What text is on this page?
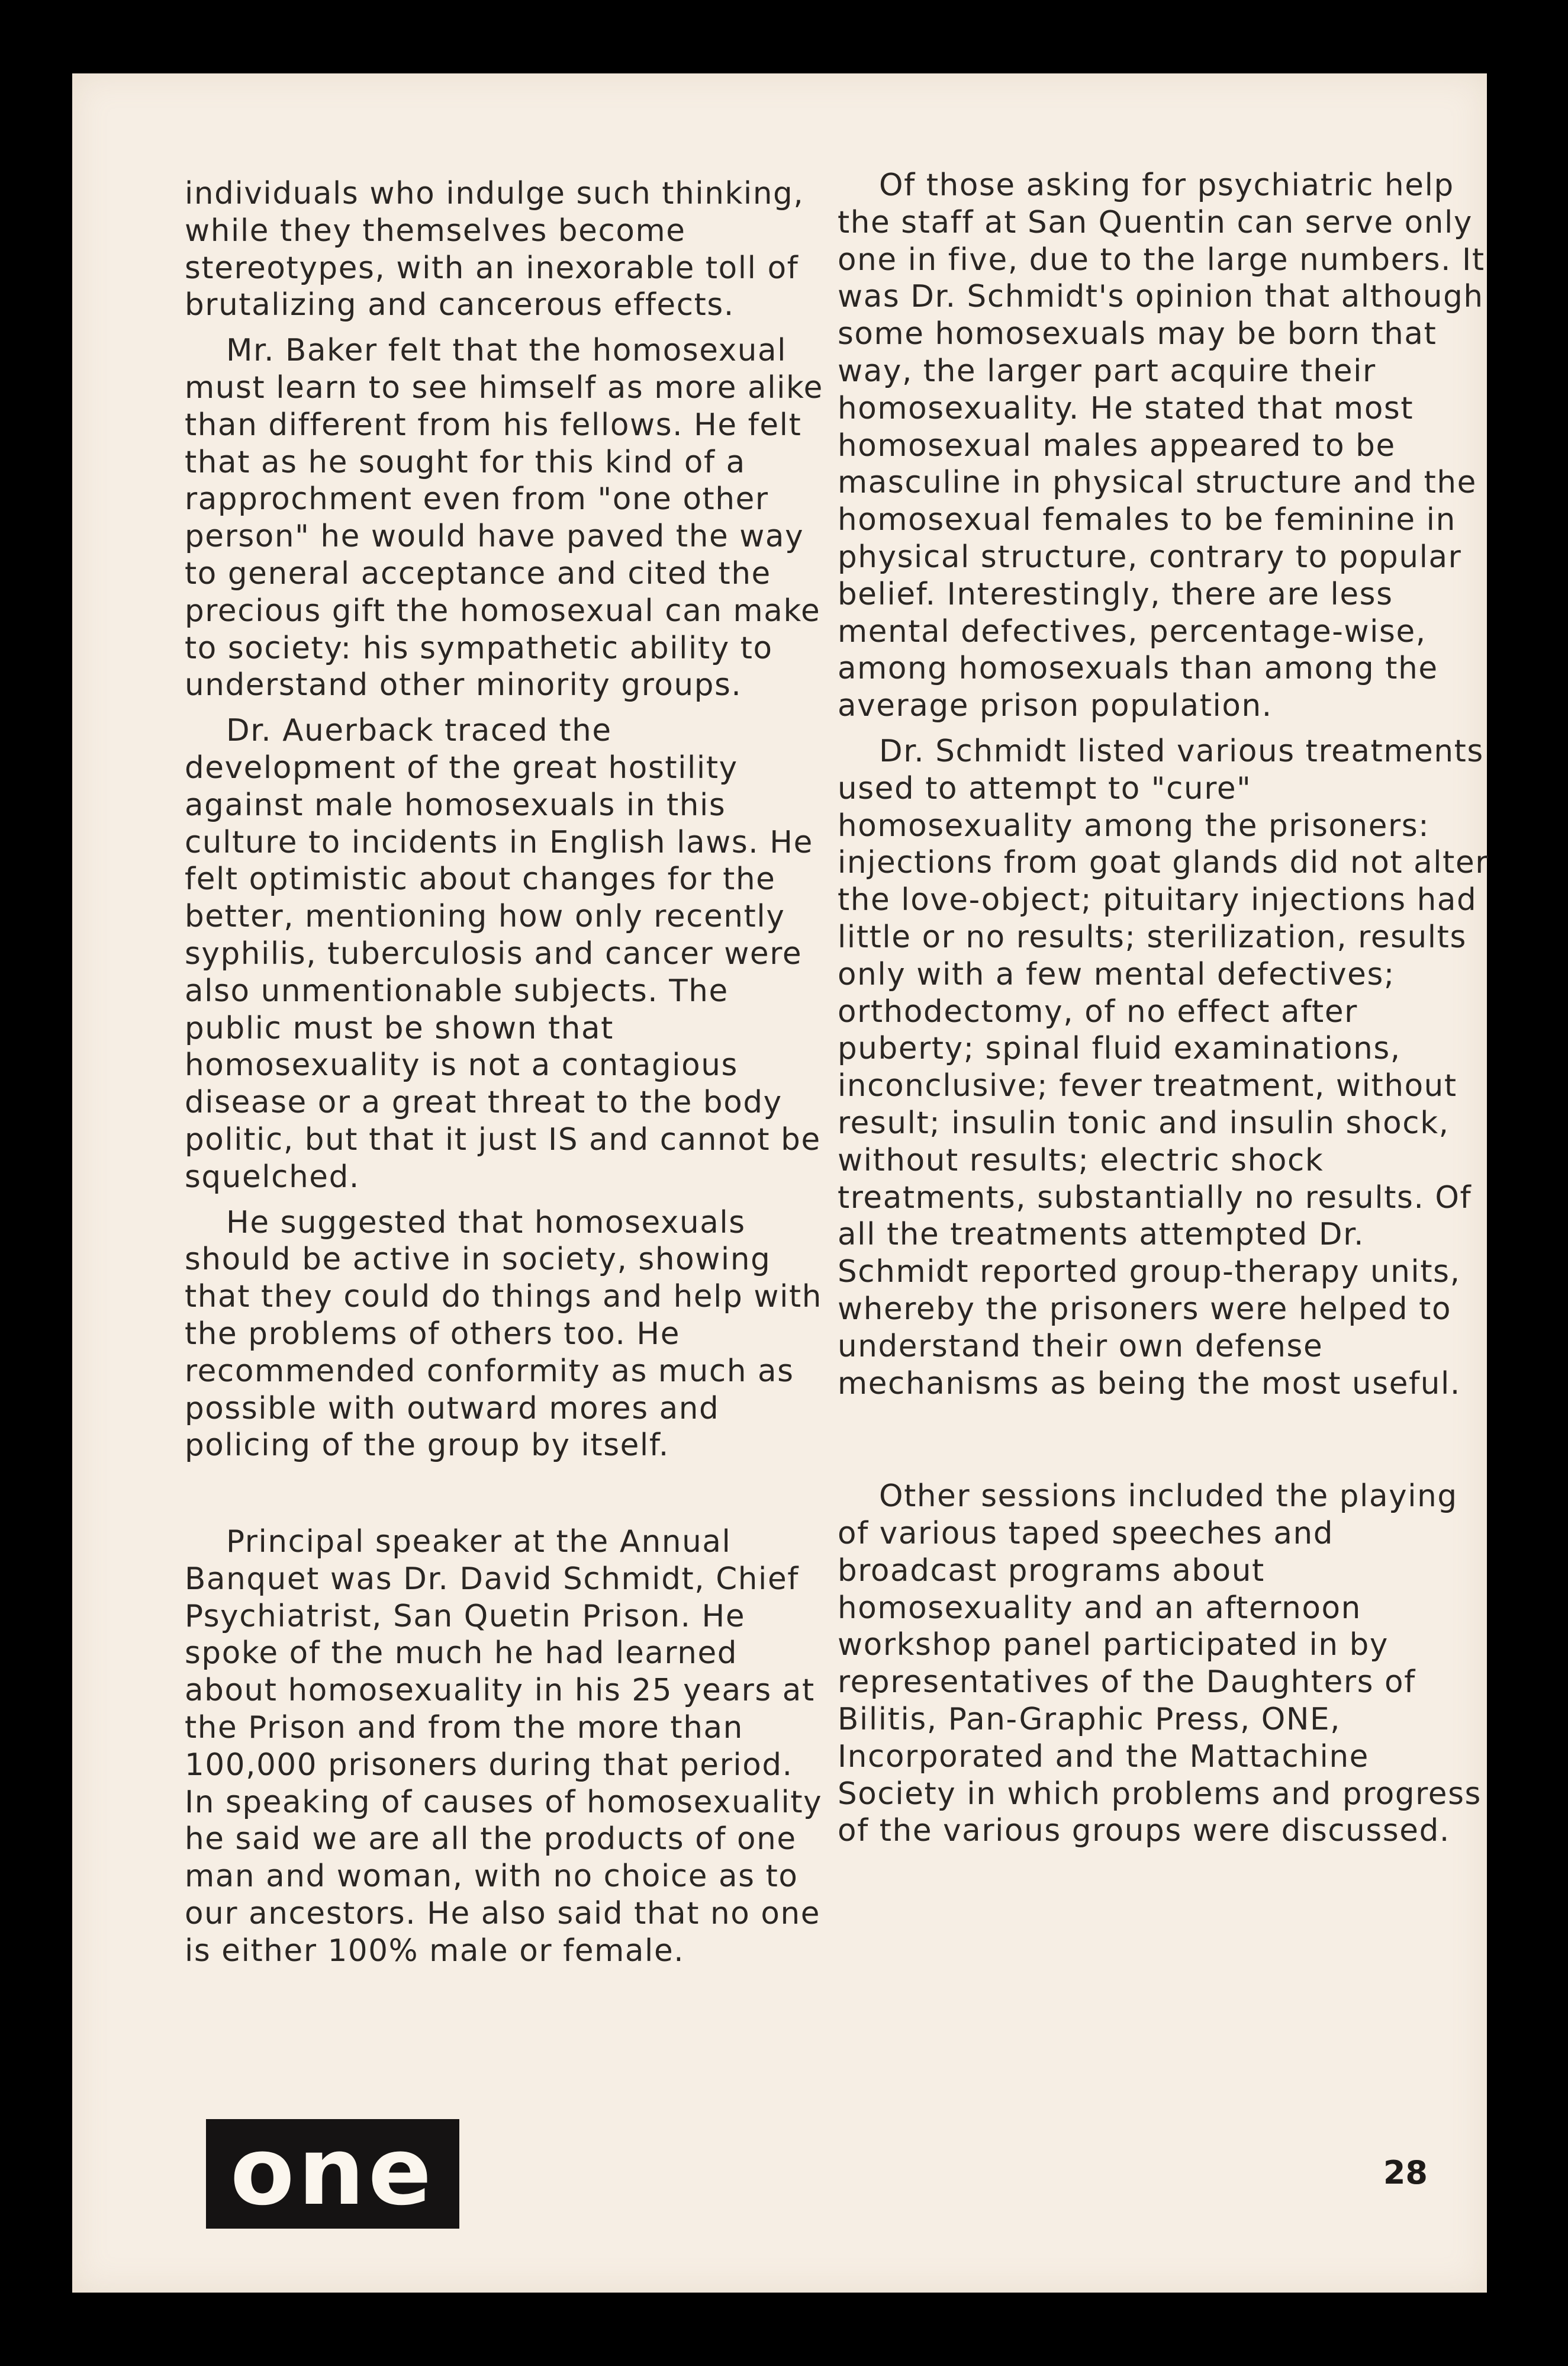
individuals who indulge such thinking, while they themselves become stereotypes, with an inexorable toll of brutalizing and cancerous effects.

Mr. Baker felt that the homosexual must learn to see himself as more alike than different from his fellows. He felt that as he sought for this kind of a rapprochment even from "one other person" he would have paved the way to general acceptance and cited the precious gift the homosexual can make to society: his sympathetic ability to understand other minority groups.

Dr. Auerback traced the development of the great hostility against male homosexuals in this culture to incidents in English laws. He felt optimistic about changes for the better, mentioning how only recently syphilis, tuberculosis and cancer were also unmentionable subjects. The public must be shown that homosexuality is not a contagious disease or a great threat to the body politic, but that it just IS and cannot be squelched.

He suggested that homosexuals should be active in society, showing that they could do things and help with the problems of others too. He recommended conformity as much as possible with outward mores and policing of the group by itself.

Principal speaker at the Annual Banquet was Dr. David Schmidt, Chief Psychiatrist, San Quetin Prison. He spoke of the much he had learned about homosexuality in his 25 years at the Prison and from the more than 100,000 prisoners during that period. In speaking of causes of homosexuality he said we are all the products of one man and woman, with no choice as to our ancestors. He also said that no one is either 100% male or female.

Of those asking for psychiatric help the staff at San Quentin can serve only one in five, due to the large numbers. It was Dr. Schmidt's opinion that although some homosexuals may be born that way, the larger part acquire their homosexuality. He stated that most homosexual males appeared to be masculine in physical structure and the homosexual females to be feminine in physical structure, contrary to popular belief. Interestingly, there are less mental defectives, percentage-wise, among homosexuals than among the average prison population.

Dr. Schmidt listed various treatments used to attempt to "cure" homosexuality among the prisoners: injections from goat glands did not alter the love-object; pituitary injections had little or no results; sterilization, results only with a few mental defectives; orthodectomy, of no effect after puberty; spinal fluid examinations, inconclusive; fever treatment, without result; insulin tonic and insulin shock, without results; electric shock treatments, substantially no results. Of all the treatments attempted Dr. Schmidt reported group-therapy units, whereby the prisoners were helped to understand their own defense mechanisms as being the most useful.

Other sessions included the playing of various taped speeches and broadcast programs about homosexuality and an afternoon workshop panel participated in by representatives of the Daughters of Bilitis, Pan-Graphic Press, ONE, Incorporated and the Mattachine Society in which problems and progress of the various groups were discussed.

one	28
